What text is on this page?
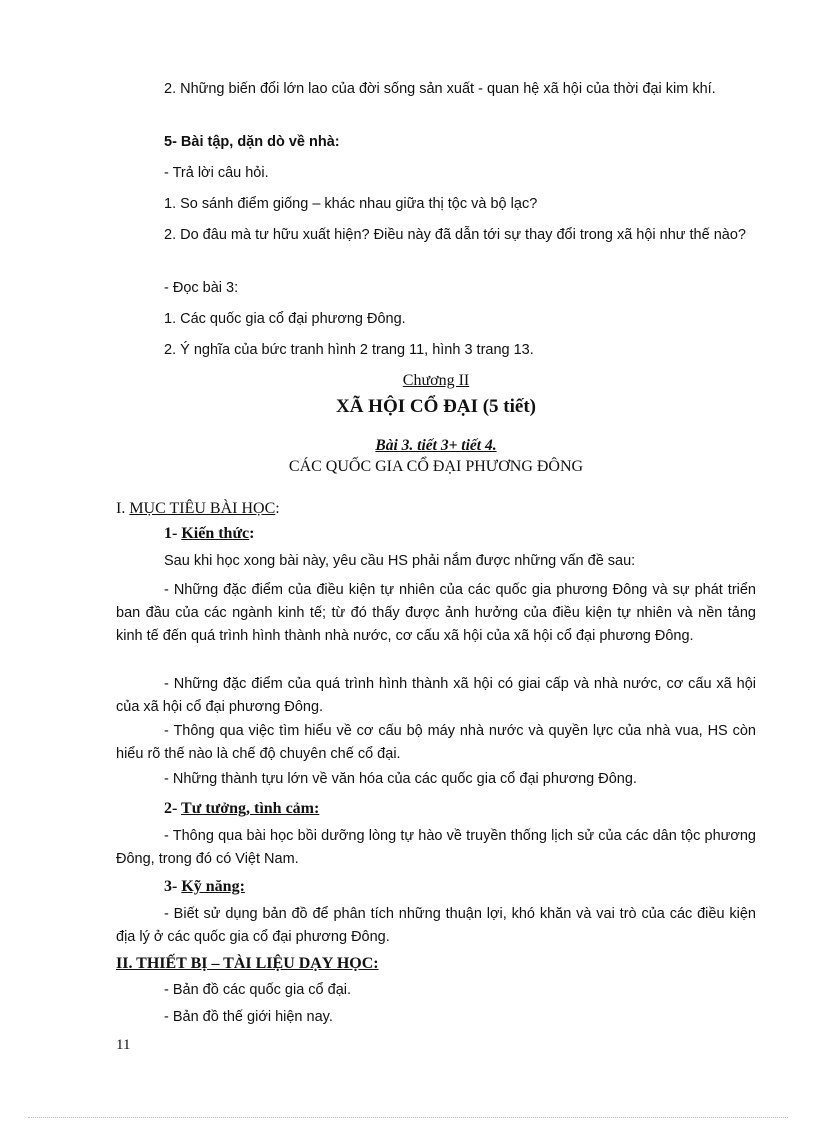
2. Những biến đổi lớn lao của đời sống sản xuất - quan hệ xã hội của thời đại kim khí.

5- Bài tập, dặn dò về nhà:

- Trả lời câu hỏi.

1. So sánh điểm giống – khác nhau giữa thị tộc và bộ lạc?

2. Do đâu mà tư hữu xuất hiện? Điều này đã dẫn tới sự thay đổi trong xã hội như thế nào?

- Đọc bài 3:

1. Các quốc gia cổ đại phương Đông.

2. Ý nghĩa của bức tranh hình 2 trang 11, hình 3 trang 13.

Chương II

XÃ HỘI CỔ ĐẠI (5 tiết)

Bài 3. tiết 3+ tiết 4.

CÁC QUỐC GIA CỔ ĐẠI PHƯƠNG ĐÔNG

I. MỤC TIÊU BÀI HỌC:

1- Kiến thức:

Sau khi học xong bài này, yêu cầu HS phải nắm được những vấn đề sau:

- Những đặc điểm của điều kiện tự nhiên của các quốc gia phương Đông và sự phát triển ban đầu của các ngành kinh tế; từ đó thấy được ảnh hưởng của điều kiện tự nhiên và nền tảng kinh tế đến quá trình hình thành nhà nước, cơ cấu xã hội của xã hội cổ đại phương Đông.

- Những đặc điểm của quá trình hình thành xã hội có giai cấp và nhà nước, cơ cấu xã hội của xã hội cổ đại phương Đông.

- Thông qua việc tìm hiểu về cơ cấu bộ máy nhà nước và quyền lực của nhà vua, HS còn hiểu rõ thế nào là chế độ chuyên chế cổ đại.

- Những thành tựu lớn về văn hóa của các quốc gia cổ đại phương Đông.

2- Tư tưởng, tình cảm:

- Thông qua bài học bồi dưỡng lòng tự hào về truyền thống lịch sử của các dân tộc phương Đông, trong đó có Việt Nam.

3- Kỹ năng:

- Biết sử dụng bản đồ để phân tích những thuận lợi, khó khăn và vai trò của các điều kiện địa lý ở các quốc gia cổ đại phương Đông.

II. THIẾT BỊ – TÀI LIỆU DẠY HỌC:

- Bản đồ các quốc gia cổ đại.

- Bản đồ thế giới hiện nay.

11
